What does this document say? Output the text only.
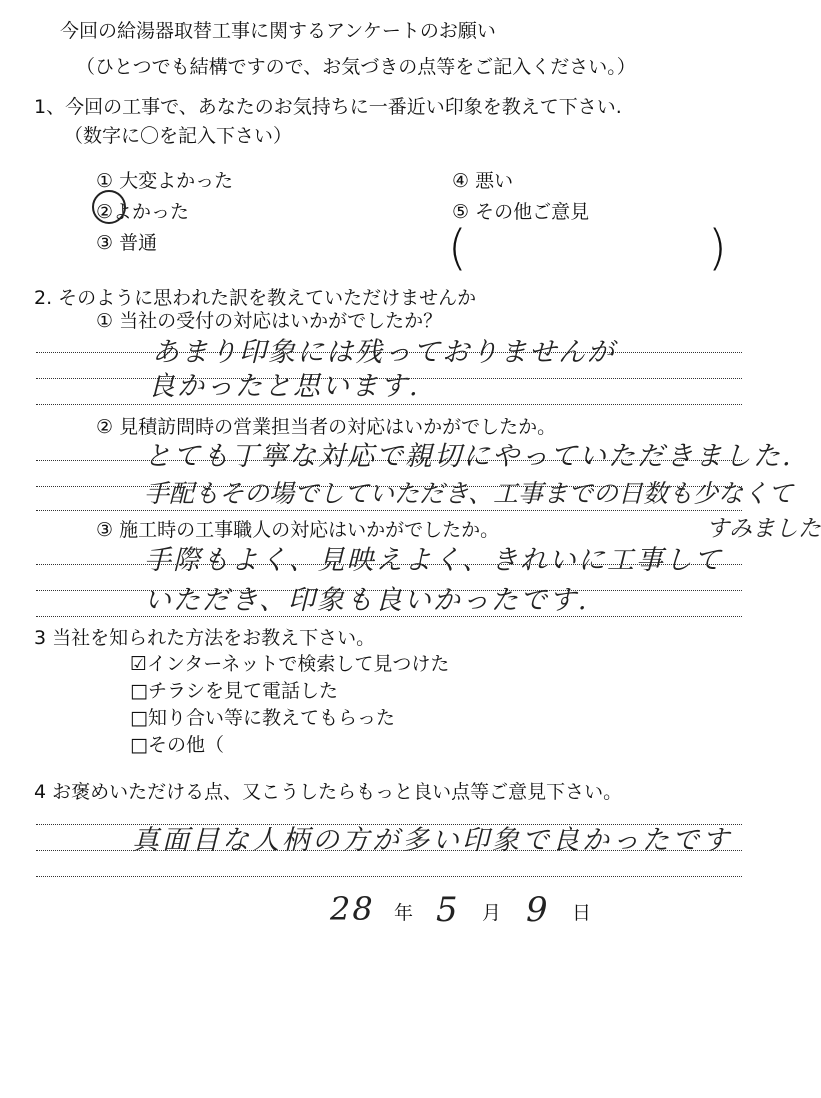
今回の給湯器取替工事に関するアンケートのお願い
（ひとつでも結構ですので、お気づきの点等をご記入ください。）
1、今回の工事で、あなたのお気持ちに一番近い印象を教えて下さい.
（数字に〇を記入下さい）
① 大変よかった
②よかった
③ 普通
④ 悪い
⑤ その他ご意見
(	)
2. そのように思われた訳を教えていただけませんか
① 当社の受付の対応はいかがでしたか？
あまり印象には残っておりませんが
良かったと思います.
② 見積訪問時の営業担当者の対応はいかがでしたか。
とても丁寧な対応で親切にやっていただきました.
手配もその場でしていただき、工事までの日数も少なくて
すみました
③ 施工時の工事職人の対応はいかがでしたか。
手際もよく、見映えよく、きれいに工事して
いただき、印象も良いかったです.
3 当社を知られた方法をお教え下さい。
☑インターネットで検索して見つけた
□チラシを見て電話した
□知り合い等に教えてもらった
□その他（
4 お褒めいただける点、又こうしたらもっと良い点等ご意見下さい。
真面目な人柄の方が多い印象で良かったです
28 年 5 月 9 日
